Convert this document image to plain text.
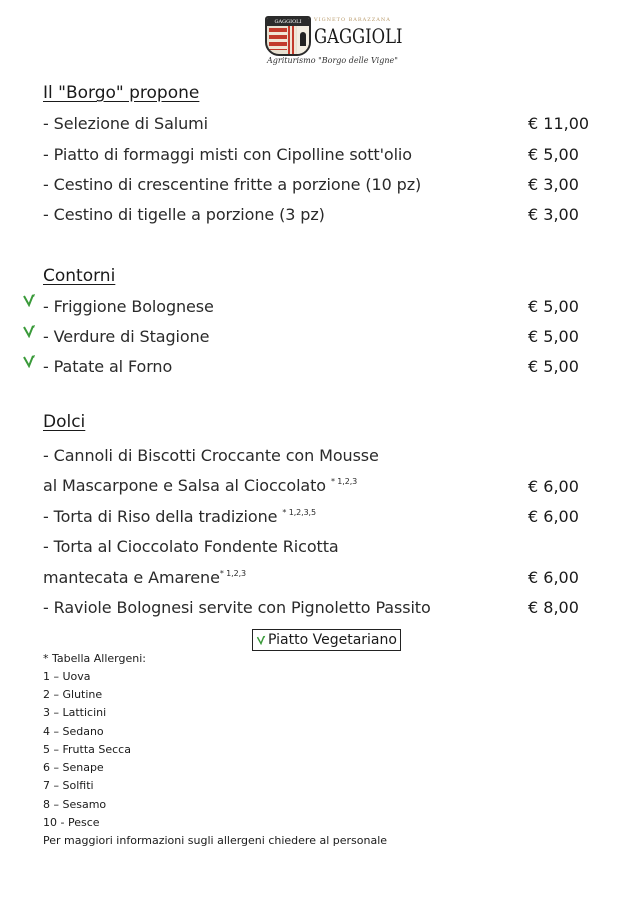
GAGGIOLI	VIGNETO BARAZZANA
GAGGIOLI
Agriturismo "Borgo delle Vigne"
Il "Borgo" propone
- Selezione di Salumi	€ 11,00
- Piatto di formaggi misti con Cipolline sott'olio	€ 5,00
- Cestino di crescentine fritte a porzione (10 pz)	€ 3,00
- Cestino di tigelle a porzione (3 pz)	€ 3,00
Contorni
- Friggione Bolognese	€ 5,00
- Verdure di Stagione	€ 5,00
- Patate al Forno	€ 5,00
Dolci
- Cannoli di Biscotti Croccante con Mousse
al Mascarpone e Salsa al Cioccolato $^{* 1,2,3}$	€ 6,00
- Torta di Riso della tradizione $^{* 1,2,3,5}$	€ 6,00
- Torta al Cioccolato Fondente Ricotta
mantecata e Amarene$^{* 1,2,3}$	€ 6,00
- Raviole Bolognesi servite con Pignoletto Passito	€ 8,00
Piatto Vegetariano
* Tabella Allergeni:
1 – Uova
2 – Glutine
3 – Latticini
4 – Sedano
5 – Frutta Secca
6 – Senape
7 – Solfiti
8 – Sesamo
10 - Pesce
Per maggiori informazioni sugli allergeni chiedere al personale
